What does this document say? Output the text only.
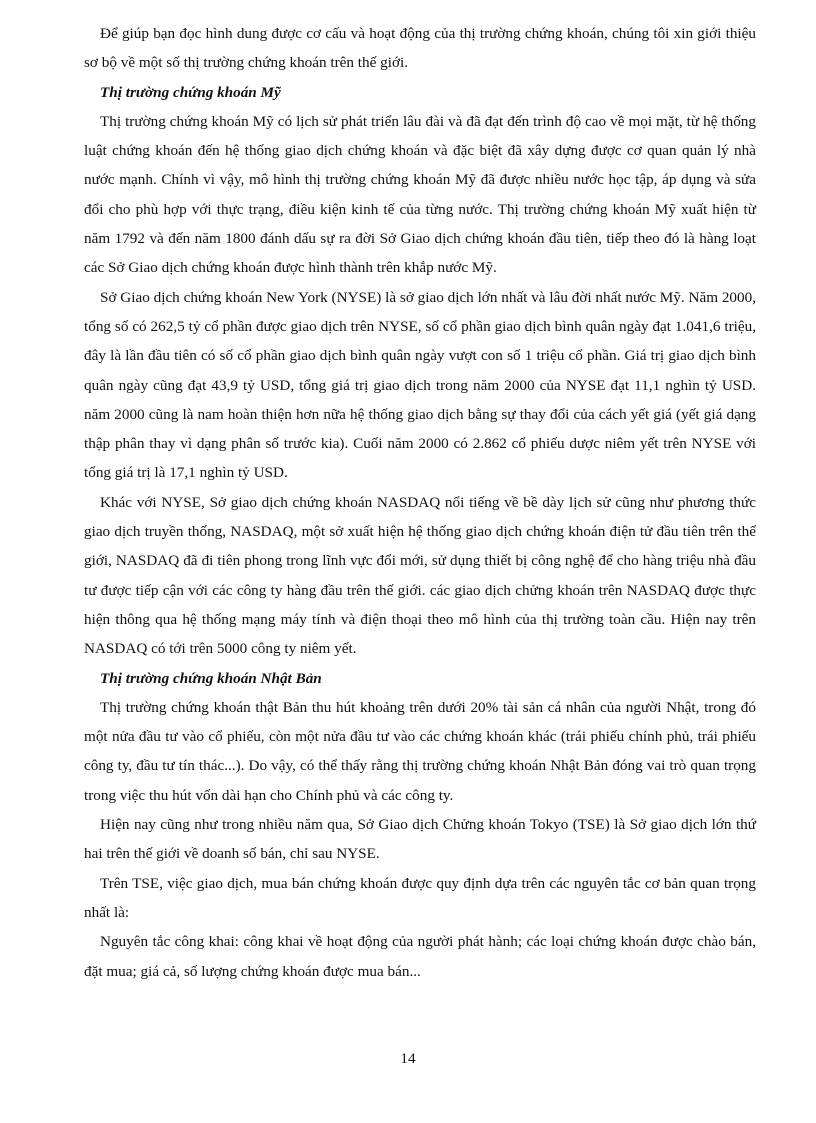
Để giúp bạn đọc hình dung được cơ cấu và hoạt động của thị trường chứng khoán, chúng tôi xin giới thiệu sơ bộ về một số thị trường chứng khoán trên thế giới.

Thị trường chứng khoán Mỹ

Thị trường chứng khoán Mỹ có lịch sử phát triển lâu đài và đã đạt đến trình độ cao về mọi mặt, từ hệ thống luật chứng khoán đến hệ thống giao dịch chứng khoán và đặc biệt đã xây dựng được cơ quan quản lý nhà nước mạnh. Chính vì vậy, mô hình thị trường chứng khoán Mỹ đã được nhiều nước học tập, áp dụng và sửa đổi cho phù hợp với thực trạng, điều kiện kinh tế của từng nước. Thị trường chứng khoán Mỹ xuất hiện từ năm 1792 và đến năm 1800 đánh dấu sự ra đời Sở Giao dịch chứng khoán đầu tiên, tiếp theo đó là hàng loạt các Sở Giao dịch chứng khoán được hình thành trên khắp nước Mỹ.

Sở Giao dịch chứng khoán New York (NYSE) là sở giao dịch lớn nhất và lâu đời nhất nước Mỹ. Năm 2000, tổng số có 262,5 tỷ cổ phần được giao dịch trên NYSE, số cổ phần giao dịch bình quân ngày đạt 1.041,6 triệu, đây là lần đầu tiên có số cổ phần giao dịch bình quân ngày vượt con số 1 triệu cổ phần. Giá trị giao dịch bình quân ngày cũng đạt 43,9 tỷ USD, tổng giá trị giao dịch trong năm 2000 của NYSE đạt 11,1 nghìn tỷ USD. năm 2000 cũng là nam hoàn thiện hơn nữa hệ thống giao dịch bằng sự thay đổi của cách yết giá (yết giá dạng thập phân thay vì dạng phân số trước kia). Cuối năm 2000 có 2.862 cổ phiếu dược niêm yết trên NYSE với tổng giá trị là 17,1 nghìn tỷ USD.

Khác với NYSE, Sở giao dịch chứng khoán NASDAQ nổi tiếng về bề dày lịch sử cũng như phương thức giao dịch truyền thống, NASDAQ, một sở xuất hiện hệ thống giao dịch chứng khoán điện tử đầu tiên trên thế giới, NASDAQ đã đi tiên phong trong lĩnh vực đổi mới, sử dụng thiết bị công nghệ để cho hàng triệu nhà đầu tư được tiếp cận với các công ty hàng đầu trên thế giới. các giao dịch chửng khoán trên NASDAQ được thực hiện thông qua hệ thống mạng máy tính và điện thoại theo mô hình của thị trường toàn cầu. Hiện nay trên NASDAQ có tới trên 5000 công ty niêm yết.

Thị trường chứng khoán Nhật Bản

Thị trường chứng khoán thật Bản thu hút khoảng trên dưới 20% tài sản cá nhân của người Nhật, trong đó một nửa đầu tư vào cổ phiếu, còn một nửa đầu tư vào các chứng khoán khác (trái phiếu chính phủ, trái phiếu công ty, đầu tư tín thác...). Do vậy, có thể thấy rằng thị trường chứng khoán Nhật Bản đóng vai trò quan trọng trong việc thu hút vốn dài hạn cho Chính phủ và các công ty.

Hiện nay cũng như trong nhiều năm qua, Sở Giao dịch Chửng khoán Tokyo (TSE) là Sở giao dịch lớn thứ hai trên thế giới về doanh số bán, chỉ sau NYSE.

Trên TSE, việc giao dịch, mua bán chứng khoán được quy định dựa trên các nguyên tắc cơ bản quan trọng nhất là:

Nguyên tắc công khai: công khai về hoạt động của người phát hành; các loại chứng khoán được chào bán, đặt mua; giá cả, số lượng chứng khoán được mua bán...

14
